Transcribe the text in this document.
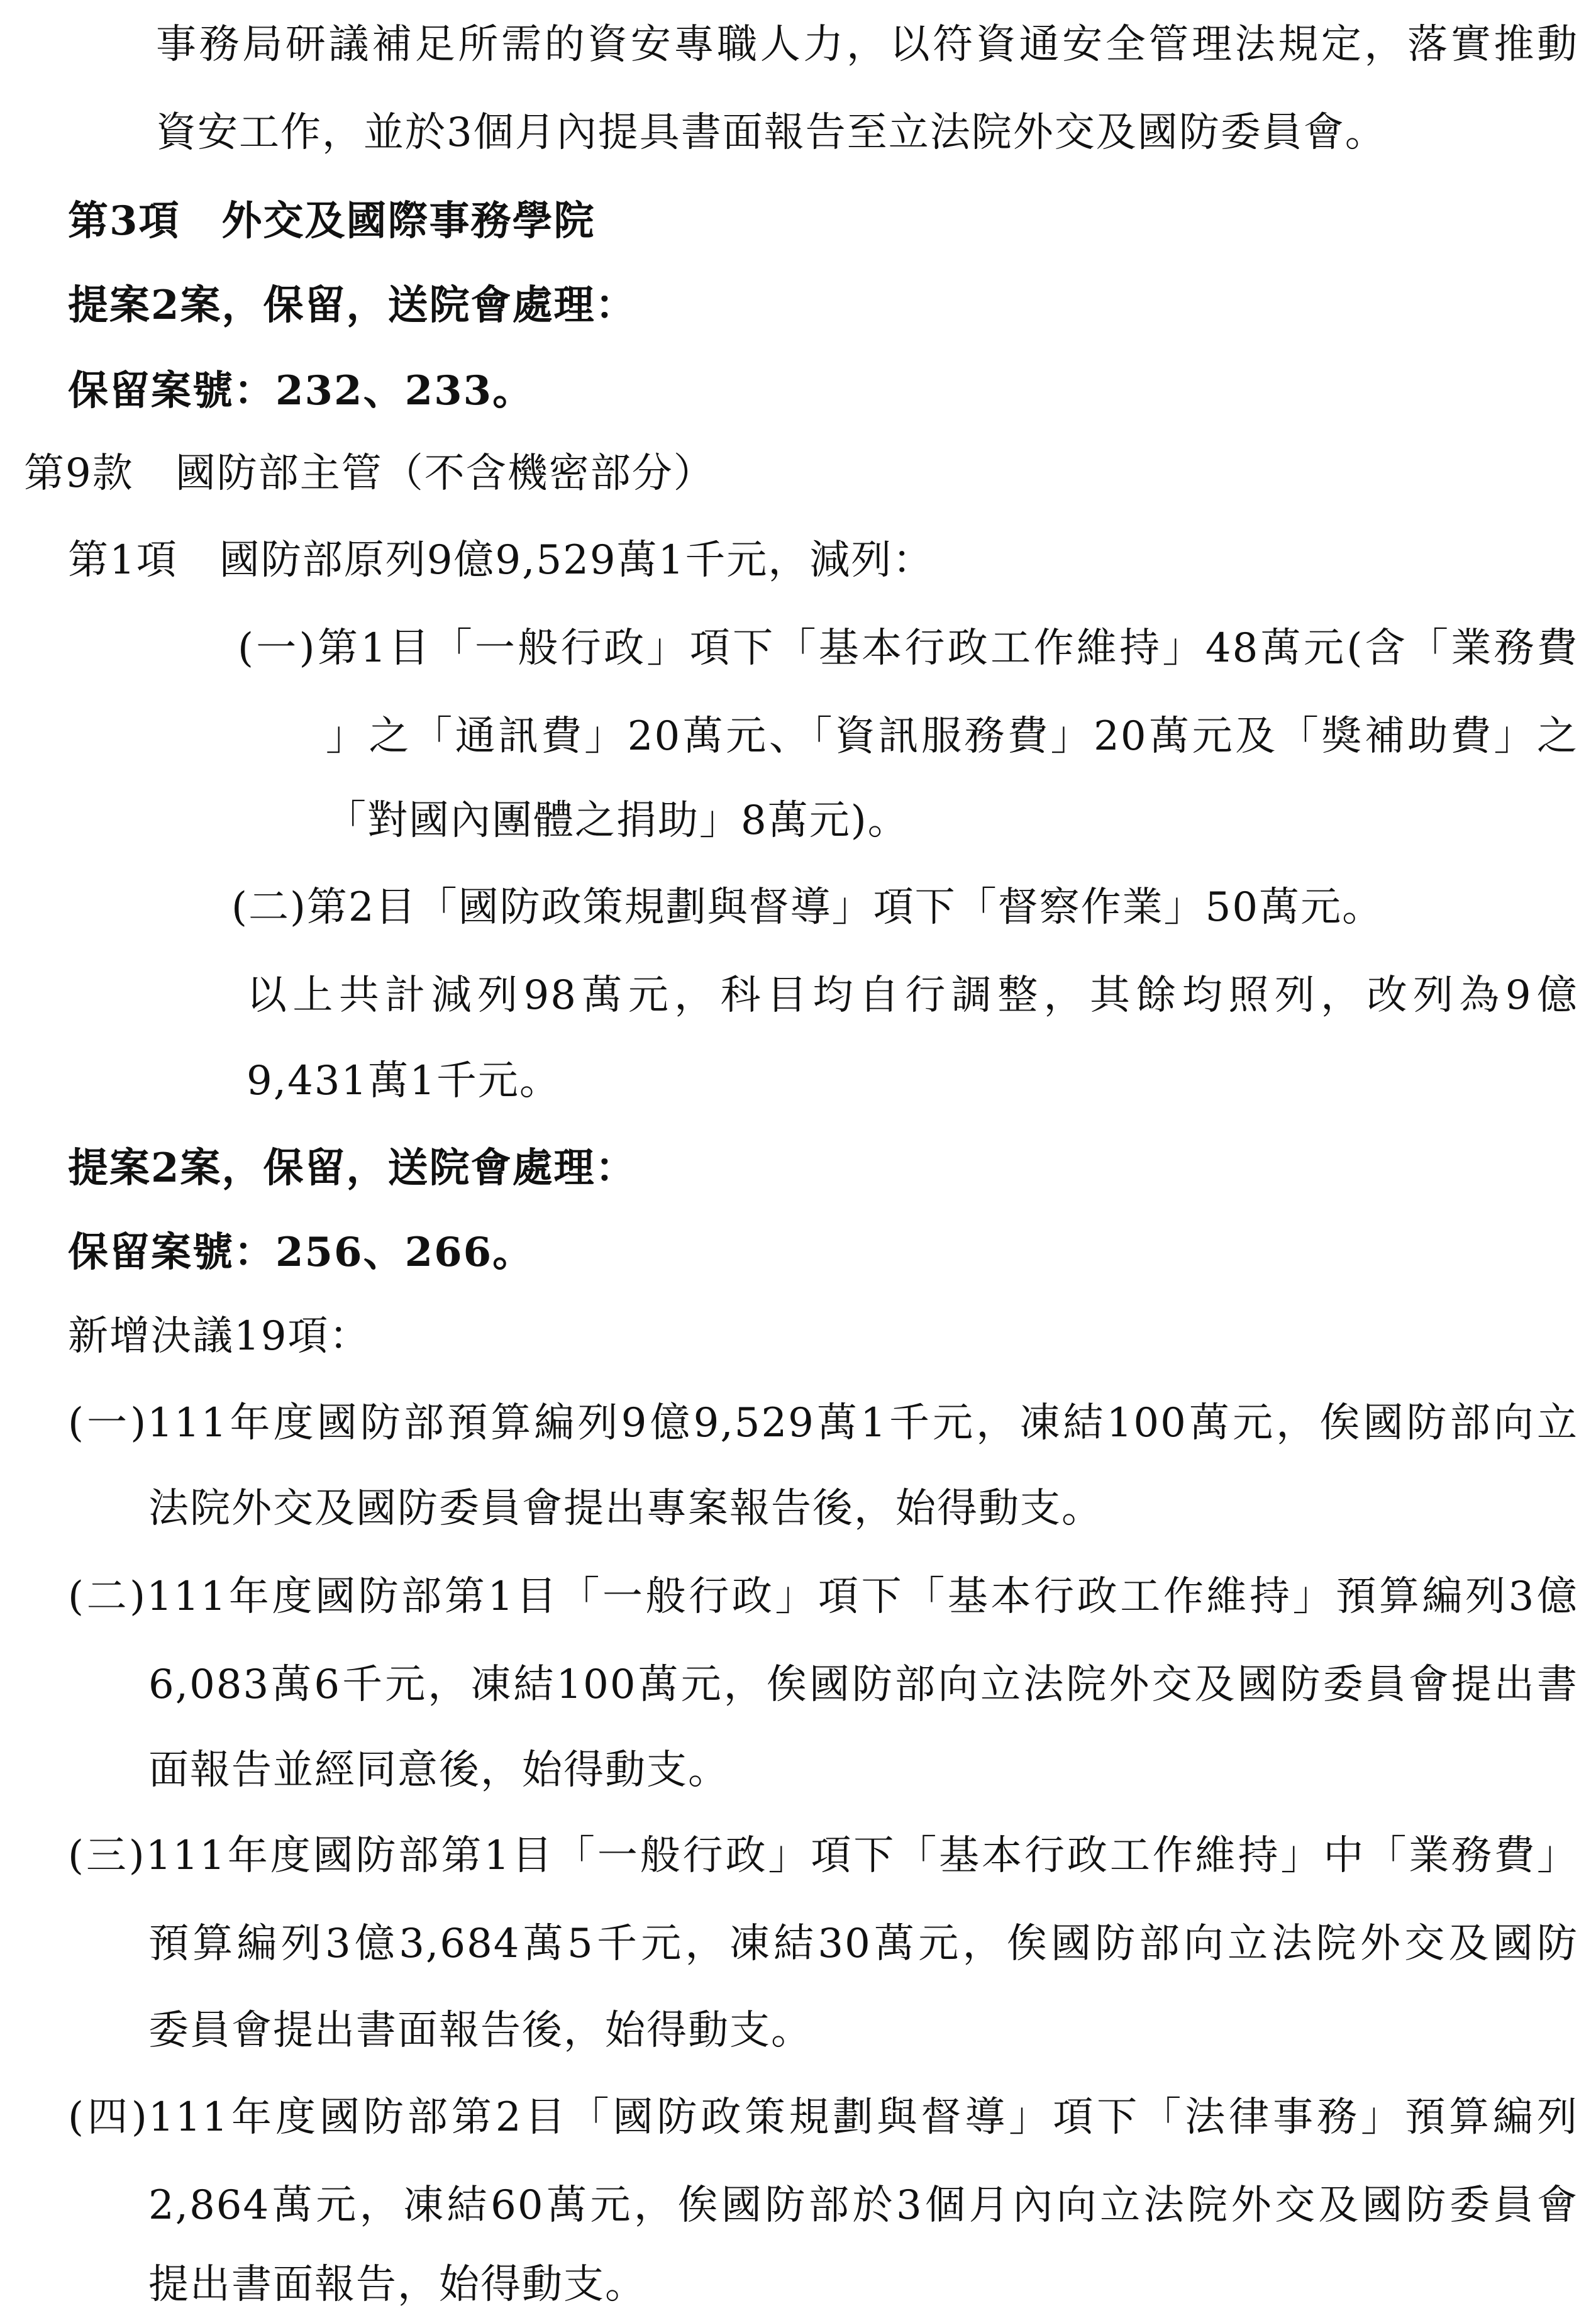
事務局研議補足所需的資安專職人力，以符資通安全管理法規定，落實推動
資安工作，並於3個月內提具書面報告至立法院外交及國防委員會。
第3項　外交及國際事務學院
提案2案，保留，送院會處理：
保留案號：232、233。
第9款　國防部主管（不含機密部分）
第1項　國防部原列9億9,529萬1千元，減列：
(一)第1目「一般行政」項下「基本行政工作維持」48萬元(含「業務費
」之「通訊費」20萬元、「資訊服務費」20萬元及「獎補助費」之
「對國內團體之捐助」8萬元)。
(二)第2目「國防政策規劃與督導」項下「督察作業」50萬元。
以上共計減列98萬元，科目均自行調整，其餘均照列，改列為9億
9,431萬1千元。
提案2案，保留，送院會處理：
保留案號：256、266。
新增決議19項：
(一)111年度國防部預算編列9億9,529萬1千元，凍結100萬元，俟國防部向立
法院外交及國防委員會提出專案報告後，始得動支。
(二)111年度國防部第1目「一般行政」項下「基本行政工作維持」預算編列3億
6,083萬6千元，凍結100萬元，俟國防部向立法院外交及國防委員會提出書
面報告並經同意後，始得動支。
(三)111年度國防部第1目「一般行政」項下「基本行政工作維持」中「業務費」
預算編列3億3,684萬5千元，凍結30萬元，俟國防部向立法院外交及國防
委員會提出書面報告後，始得動支。
(四)111年度國防部第2目「國防政策規劃與督導」項下「法律事務」預算編列
2,864萬元，凍結60萬元，俟國防部於3個月內向立法院外交及國防委員會
提出書面報告，始得動支。
